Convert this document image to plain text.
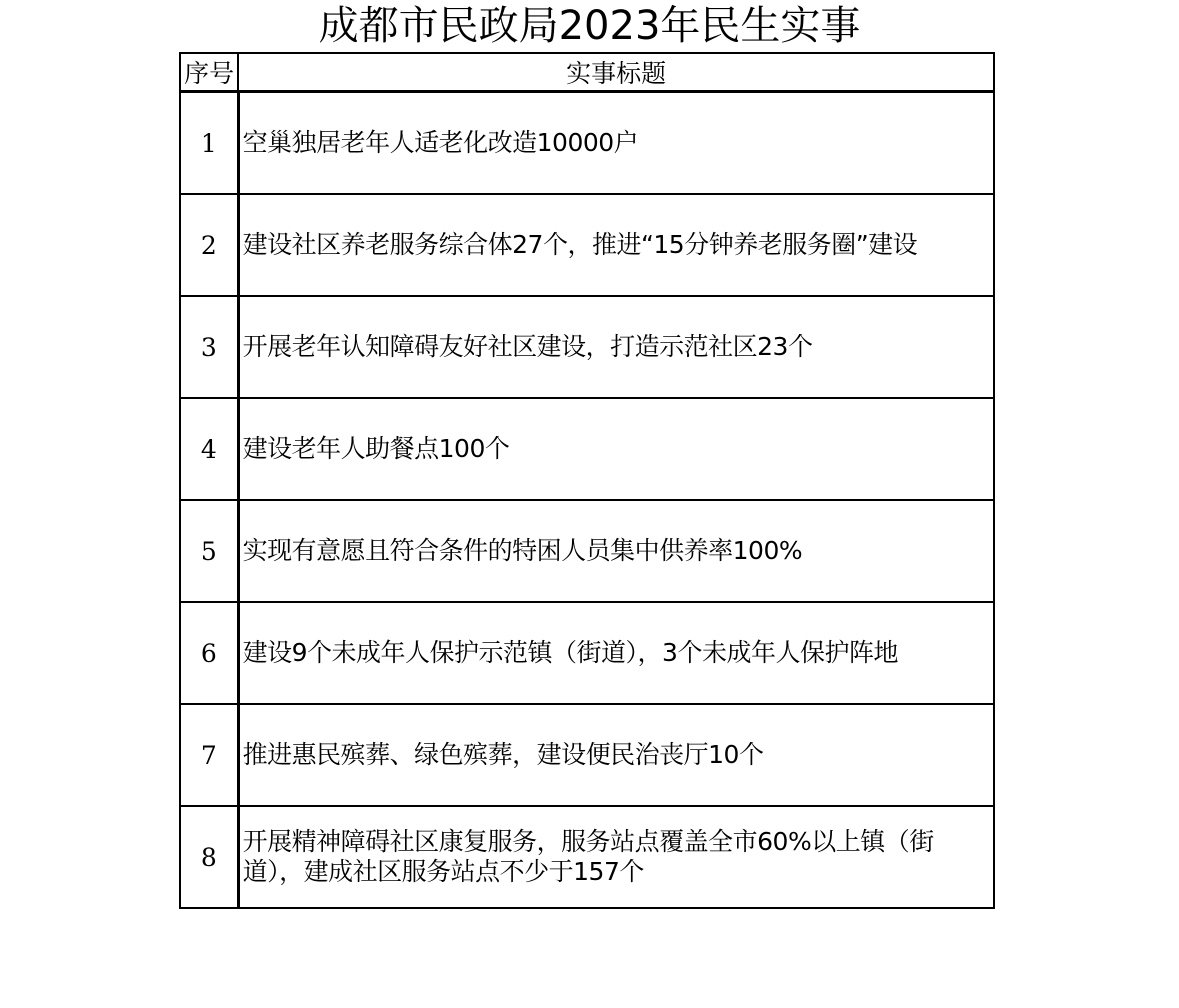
成都市民政局2023年民生实事
序号	实事标题
1	空巢独居老年人适老化改造10000户
2	建设社区养老服务综合体27个，推进“15分钟养老服务圈”建设
3	开展老年认知障碍友好社区建设，打造示范社区23个
4	建设老年人助餐点100个
5	实现有意愿且符合条件的特困人员集中供养率100%
6	建设9个未成年人保护示范镇（街道），3个未成年人保护阵地
7	推进惠民殡葬、绿色殡葬，建设便民治丧厅10个
8	开展精神障碍社区康复服务，服务站点覆盖全市60%以上镇（街道），建成社区服务站点不少于157个
